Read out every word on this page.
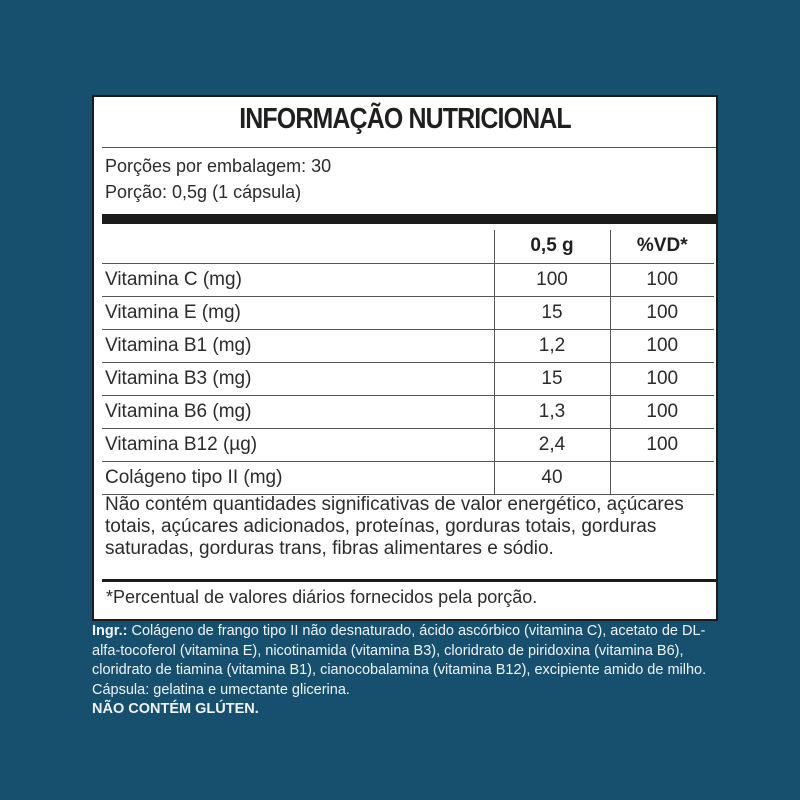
INFORMAÇÃO NUTRICIONAL
Porções por embalagem: 30
Porção: 0,5g (1 cápsula)
	0,5 g	%VD*
Vitamina C (mg)	100	100
Vitamina E (mg)	15	100
Vitamina B1 (mg)	1,2	100
Vitamina B3 (mg)	15	100
Vitamina B6 (mg)	1,3	100
Vitamina B12 (µg)	2,4	100
Colágeno tipo II (mg)	40	
Não contém quantidades significativas de valor energético, açúcares totais, açúcares adicionados, proteínas, gorduras totais, gorduras saturadas, gorduras trans, fibras alimentares e sódio.
*Percentual de valores diários fornecidos pela porção.
Ingr.: Colágeno de frango tipo II não desnaturado, ácido ascórbico (vitamina C), acetato de DL-alfa-tocoferol (vitamina E), nicotinamida (vitamina B3), cloridrato de piridoxina (vitamina B6), cloridrato de tiamina (vitamina B1), cianocobalamina (vitamina B12), excipiente amido de milho. Cápsula: gelatina e umectante glicerina.
NÃO CONTÉM GLÚTEN.
